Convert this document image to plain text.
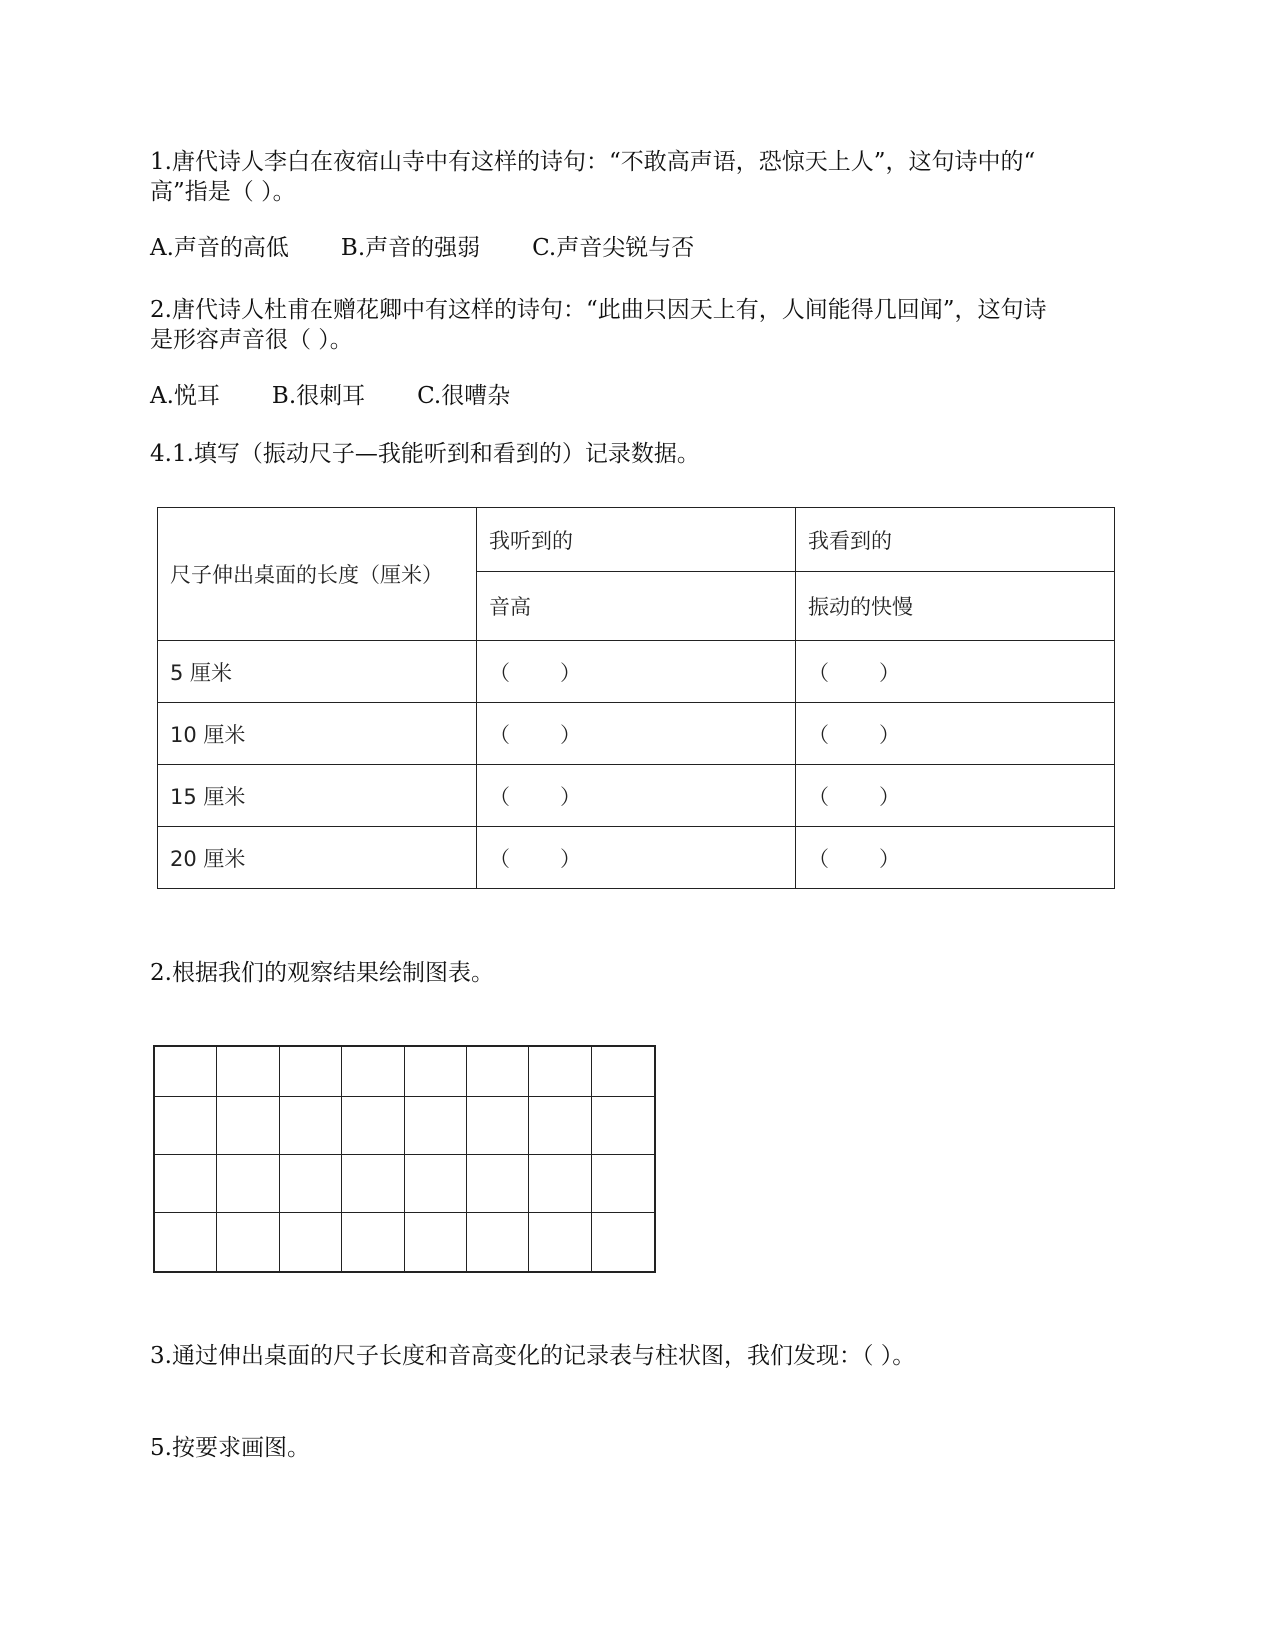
1.唐代诗人李白在夜宿山寺中有这样的诗句：“不敢高声语，恐惊天上人”，这句诗中的“
高”指是（ ）。
A.声音的高低 B.声音的强弱 C.声音尖锐与否
2.唐代诗人杜甫在赠花卿中有这样的诗句：“此曲只因天上有，人间能得几回闻”，这句诗
是形容声音很（ ）。
A.悦耳 B.很刺耳 C.很嘈杂
4.1.填写（振动尺子—我能听到和看到的）记录数据。
尺子伸出桌面的长度（厘米）	我听到的	我看到的
	音高	振动的快慢
5 厘米	（ ）	（ ）

10 厘米	（ ）	（ ）

15 厘米	（ ）	（ ）

20 厘米	（ ）	（ ）
2.根据我们的观察结果绘制图表。
3.通过伸出桌面的尺子长度和音高变化的记录表与柱状图，我们发现：（ ）。
5.按要求画图。
